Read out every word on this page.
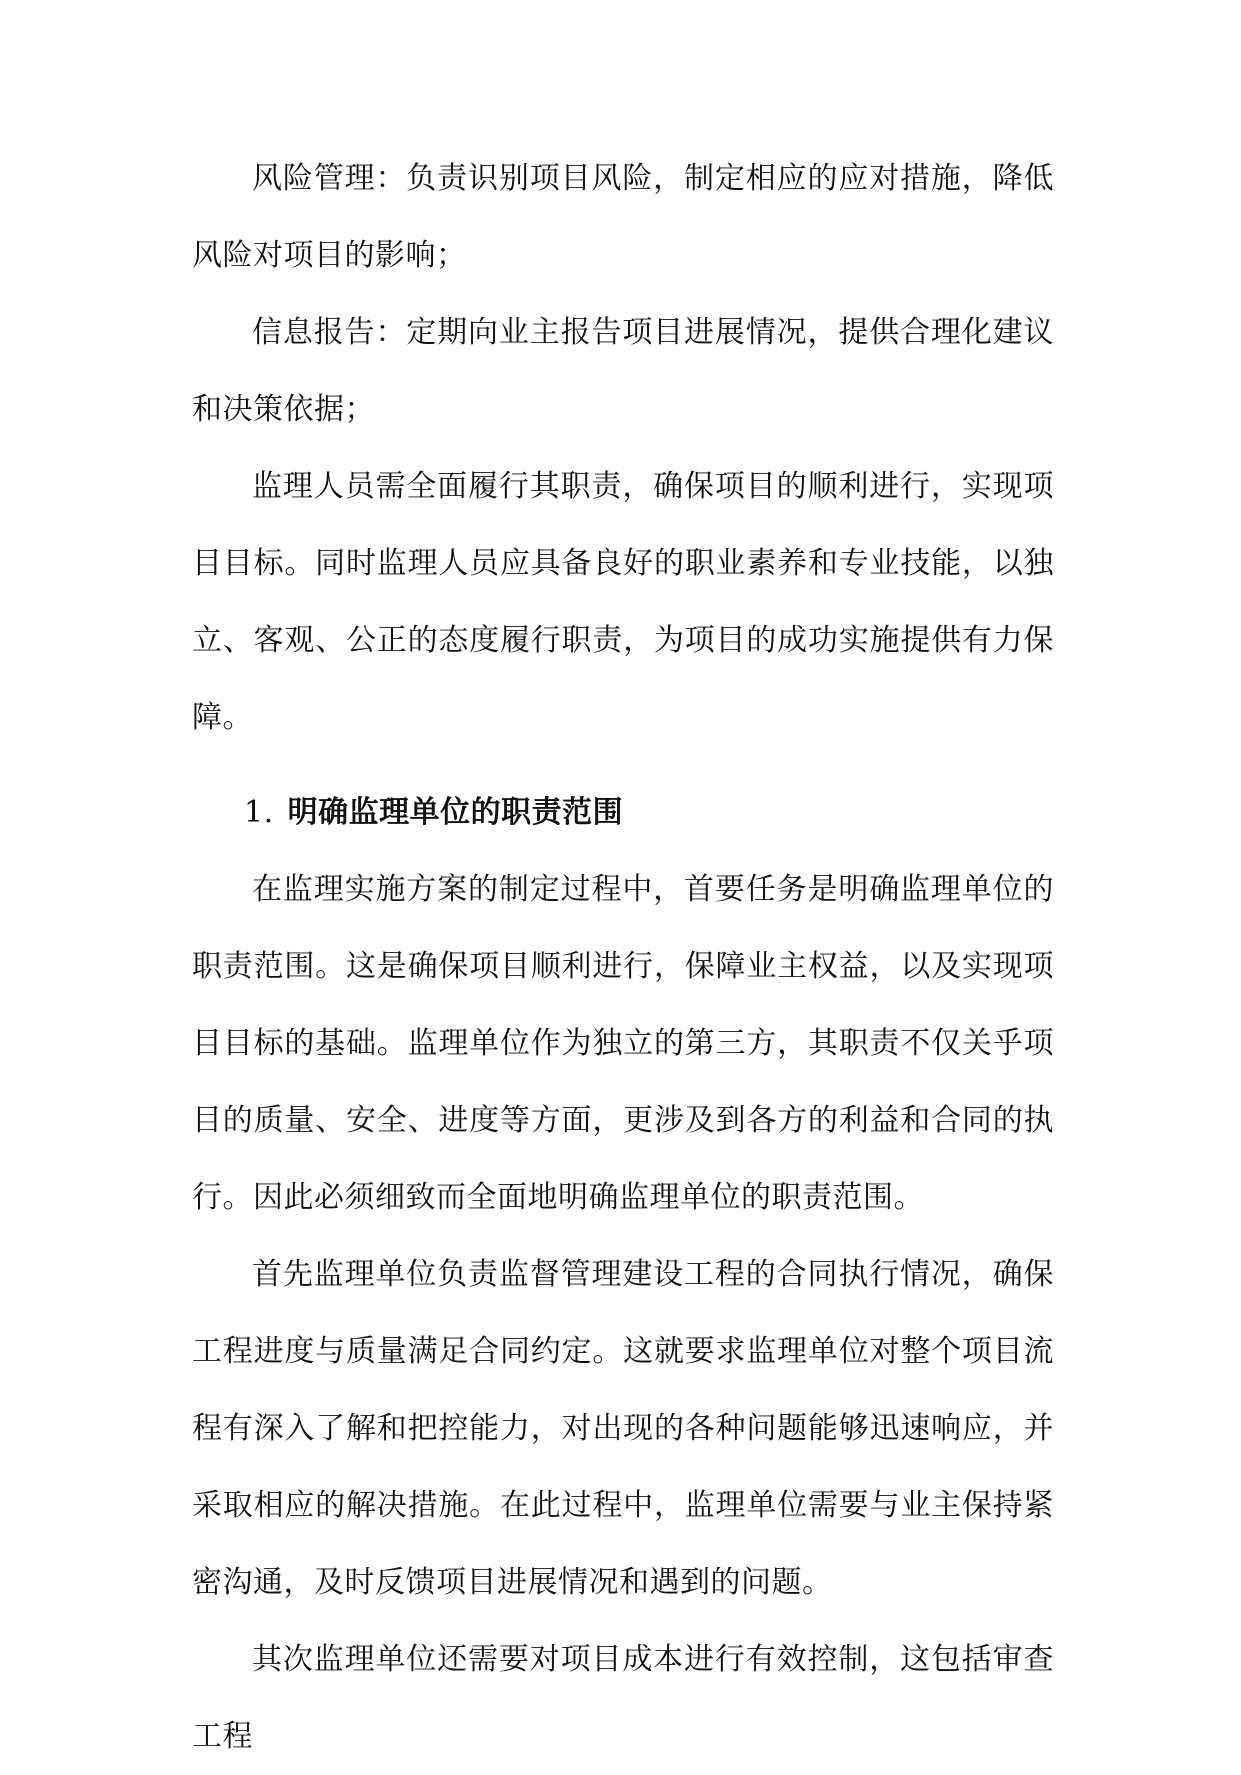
风险管理：负责识别项目风险，制定相应的应对措施，降低风险对项目的影响；

信息报告：定期向业主报告项目进展情况，提供合理化建议和决策依据；

监理人员需全面履行其职责，确保项目的顺利进行，实现项目目标。同时监理人员应具备良好的职业素养和专业技能，以独立、客观、公正的态度履行职责，为项目的成功实施提供有力保障。

1. 明确监理单位的职责范围

在监理实施方案的制定过程中，首要任务是明确监理单位的职责范围。这是确保项目顺利进行，保障业主权益，以及实现项目目标的基础。监理单位作为独立的第三方，其职责不仅关乎项目的质量、安全、进度等方面，更涉及到各方的利益和合同的执行。因此必须细致而全面地明确监理单位的职责范围。

首先监理单位负责监督管理建设工程的合同执行情况，确保工程进度与质量满足合同约定。这就要求监理单位对整个项目流程有深入了解和把控能力，对出现的各种问题能够迅速响应，并采取相应的解决措施。在此过程中，监理单位需要与业主保持紧密沟通，及时反馈项目进展情况和遇到的问题。

其次监理单位还需要对项目成本进行有效控制，这包括审查工程
